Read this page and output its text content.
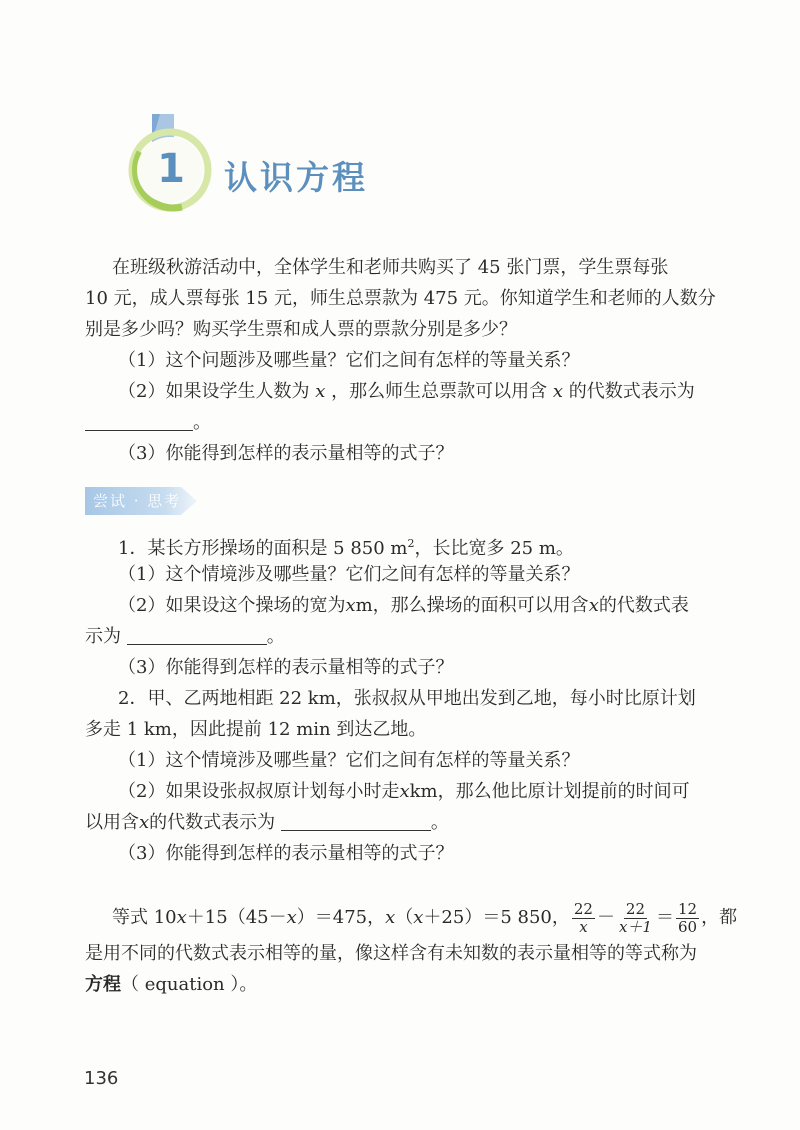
1 认识方程
在班级秋游活动中，全体学生和老师共购买了 45 张门票，学生票每张
10 元，成人票每张 15 元，师生总票款为 475 元。你知道学生和老师的人数分
别是多少吗？购买学生票和成人票的票款分别是多少？
（1）这个问题涉及哪些量？它们之间有怎样的等量关系？
（2）如果设学生人数为 x ，那么师生总票款可以用含 x 的代数式表示为
。
（3）你能得到怎样的表示量相等的式子？
尝试 · 思考
1．某长方形操场的面积是 5 850 $m^2$，长比宽多 25 m。
（1）这个情境涉及哪些量？它们之间有怎样的等量关系？
（2）如果设这个操场的宽为xm，那么操场的面积可以用含x的代数式表
示为	。
（3）你能得到怎样的表示量相等的式子？
2．甲、乙两地相距 22 km，张叔叔从甲地出发到乙地，每小时比原计划
多走 1 km，因此提前 12 min 到达乙地。
（1）这个情境涉及哪些量？它们之间有怎样的等量关系？
（2）如果设张叔叔原计划每小时走xkm，那么他比原计划提前的时间可
以用含x的代数式表示为	。
（3）你能得到怎样的表示量相等的式子？
等式 10 x ＋15（45－ x ）＝475， x （ x ＋25）＝5 850， $\frac{22}{x} - \frac{22}{x+1} = \frac{12}{60}$ ，都
是用不同的代数式表示相等的量，像这样含有未知数的表示量相等的等式称为
方程（ equation ）。
136
